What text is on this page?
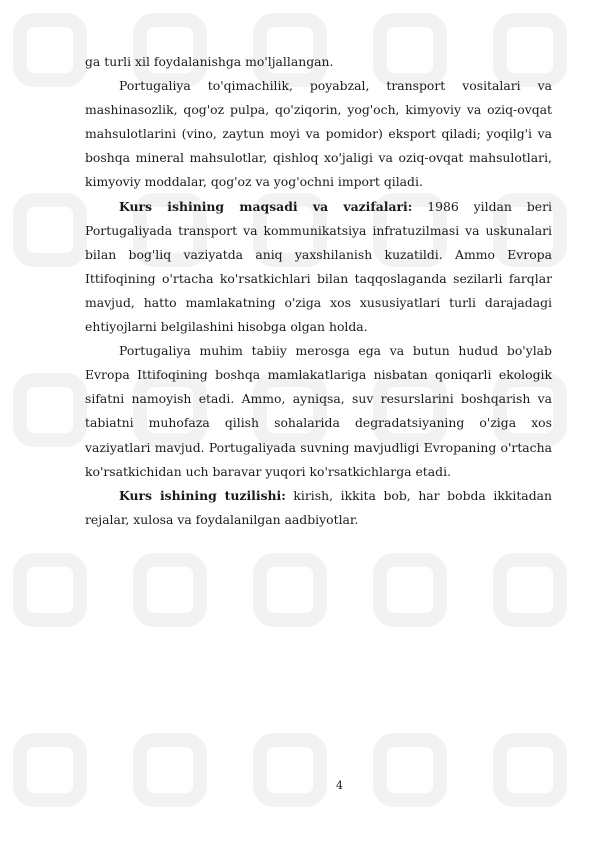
ga turli xil foydalanishga mo'ljallangan.

Portugaliya to'qimachilik, poyabzal, transport vositalari va mashinasozlik, qog'oz pulpa, qo'ziqorin, yog'och, kimyoviy va oziq-ovqat mahsulotlarini (vino, zaytun moyi va pomidor) eksport qiladi; yoqilg'i va boshqa mineral mahsulotlar, qishloq xo'jaligi va oziq-ovqat mahsulotlari, kimyoviy moddalar, qog'oz va yog'ochni import qiladi.

Kurs ishining maqsadi va vazifalari: 1986 yildan beri Portugaliyada transport va kommunikatsiya infratuzilmasi va uskunalari bilan bog'liq vaziyatda aniq yaxshilanish kuzatildi. Ammo Evropa Ittifoqining o'rtacha ko'rsatkichlari bilan taqqoslaganda sezilarli farqlar mavjud, hatto mamlakatning o'ziga xos xususiyatlari turli darajadagi ehtiyojlarni belgilashini hisobga olgan holda.

Portugaliya muhim tabiiy merosga ega va butun hudud bo'ylab Evropa Ittifoqining boshqa mamlakatlariga nisbatan qoniqarli ekologik sifatni namoyish etadi. Ammo, ayniqsa, suv resurslarini boshqarish va tabiatni muhofaza qilish sohalarida degradatsiyaning o'ziga xos vaziyatlari mavjud. Portugaliyada suvning mavjudligi Evropaning o'rtacha ko'rsatkichidan uch baravar yuqori ko'rsatkichlarga etadi.

Kurs ishining tuzilishi: kirish, ikkita bob, har bobda ikkitadan rejalar, xulosa va foydalanilgan aadbiyotlar.

4
